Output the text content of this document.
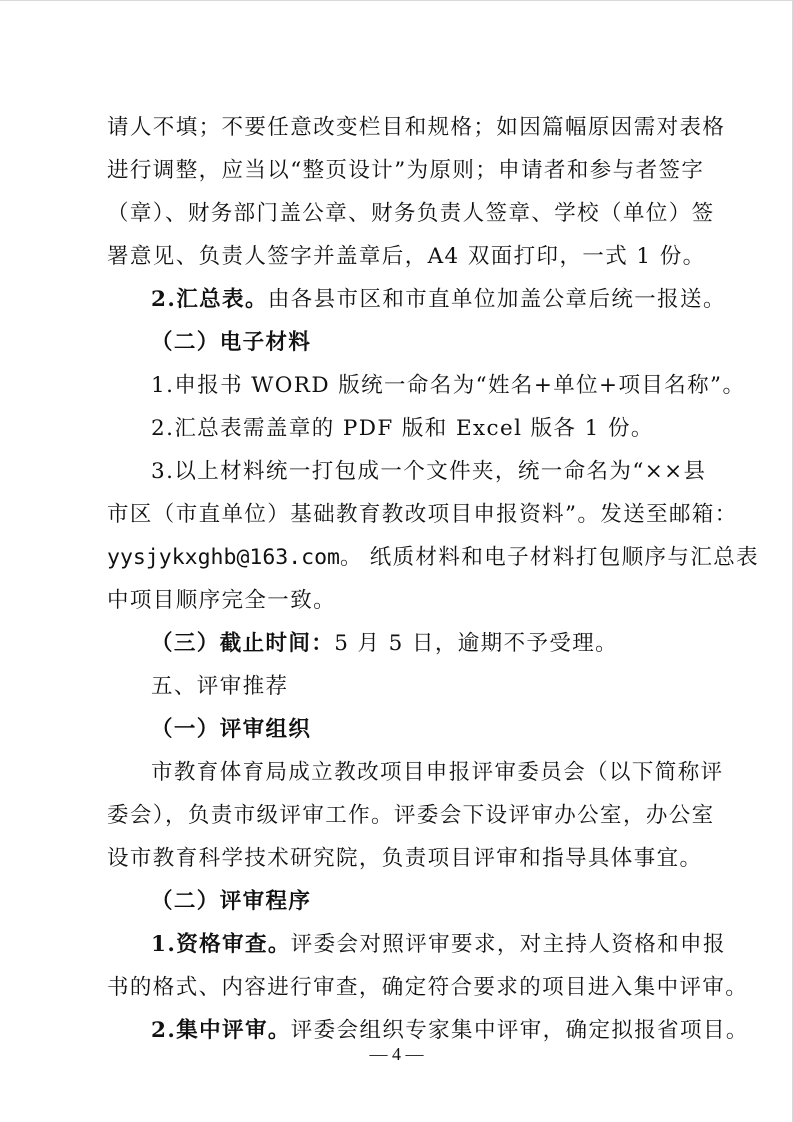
请人不填；不要任意改变栏目和规格；如因篇幅原因需对表格

进行调整，应当以“整页设计”为原则；申请者和参与者签字

（章）、财务部门盖公章、财务负责人签章、学校（单位）签

署意见、负责人签字并盖章后，A4 双面打印，一式 1 份。

2.汇总表。由各县市区和市直单位加盖公章后统一报送。

（二）电子材料

1.申报书 WORD 版统一命名为“姓名+单位+项目名称”。

2.汇总表需盖章的 PDF 版和 Excel 版各 1 份。

3.以上材料统一打包成一个文件夹，统一命名为“××县

市区（市直单位）基础教育教改项目申报资料”。发送至邮箱：

yysjykxghb@163.com。 纸质材料和电子材料打包顺序与汇总表

中项目顺序完全一致。

（三）截止时间：5 月 5 日，逾期不予受理。

五、评审推荐

（一）评审组织

市教育体育局成立教改项目申报评审委员会（以下简称评

委会），负责市级评审工作。评委会下设评审办公室，办公室

设市教育科学技术研究院，负责项目评审和指导具体事宜。

（二）评审程序

1.资格审查。评委会对照评审要求，对主持人资格和申报

书的格式、内容进行审查，确定符合要求的项目进入集中评审。

2.集中评审。评委会组织专家集中评审，确定拟报省项目。

— 4 —
